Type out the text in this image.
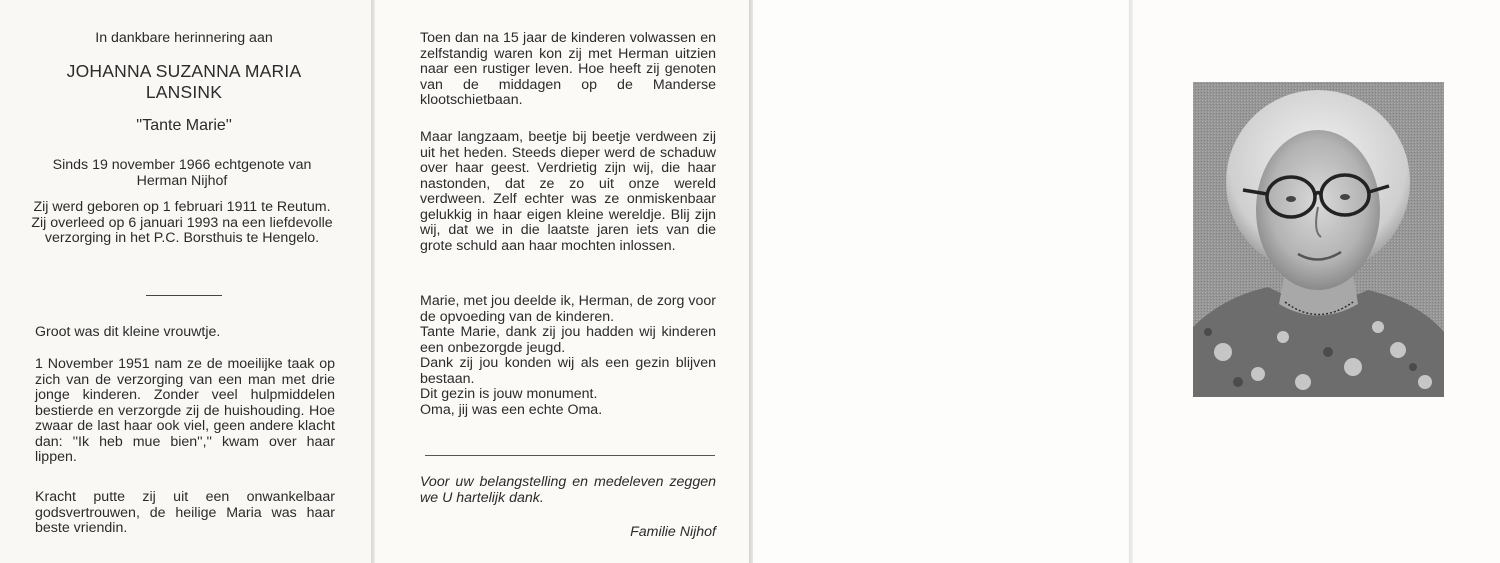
In dankbare herinnering aan

JOHANNA SUZANNA MARIA

LANSINK

''Tante Marie''

Sinds 19 november 1966 echtgenote van Herman Nijhof

Zij werd geboren op 1 februari 1911 te Reutum. Zij overleed op 6 januari 1993 na een liefdevolle verzorging in het P.C. Borsthuis te Hengelo.

Groot was dit kleine vrouwtje.

1 November 1951 nam ze de moeilijke taak op zich van de verzorging van een man met drie jonge kinderen. Zonder veel hulpmiddelen bestierde en verzorgde zij de huishouding. Hoe zwaar de last haar ook viel, geen andere klacht dan: ''Ik heb mue bien'','' kwam over haar lippen.

Kracht putte zij uit een onwankelbaar godsvertrouwen, de heilige Maria was haar beste vriendin.

Toen dan na 15 jaar de kinderen volwassen en zelfstandig waren kon zij met Herman uitzien naar een rustiger leven. Hoe heeft zij genoten van de middagen op de Manderse klootschietbaan.

Maar langzaam, beetje bij beetje verdween zij uit het heden. Steeds dieper werd de schaduw over haar geest. Verdrietig zijn wij, die haar nastonden, dat ze zo uit onze wereld verdween. Zelf echter was ze onmiskenbaar gelukkig in haar eigen kleine wereldje. Blij zijn wij, dat we in die laatste jaren iets van die grote schuld aan haar mochten inlossen.

Marie, met jou deelde ik, Herman, de zorg voor de opvoeding van de kinderen.
Tante Marie, dank zij jou hadden wij kinderen een onbezorgde jeugd.
Dank zij jou konden wij als een gezin blijven bestaan.
Dit gezin is jouw monument.
Oma, jij was een echte Oma.

Voor uw belangstelling en medeleven zeggen we U hartelijk dank.

Familie Nijhof
